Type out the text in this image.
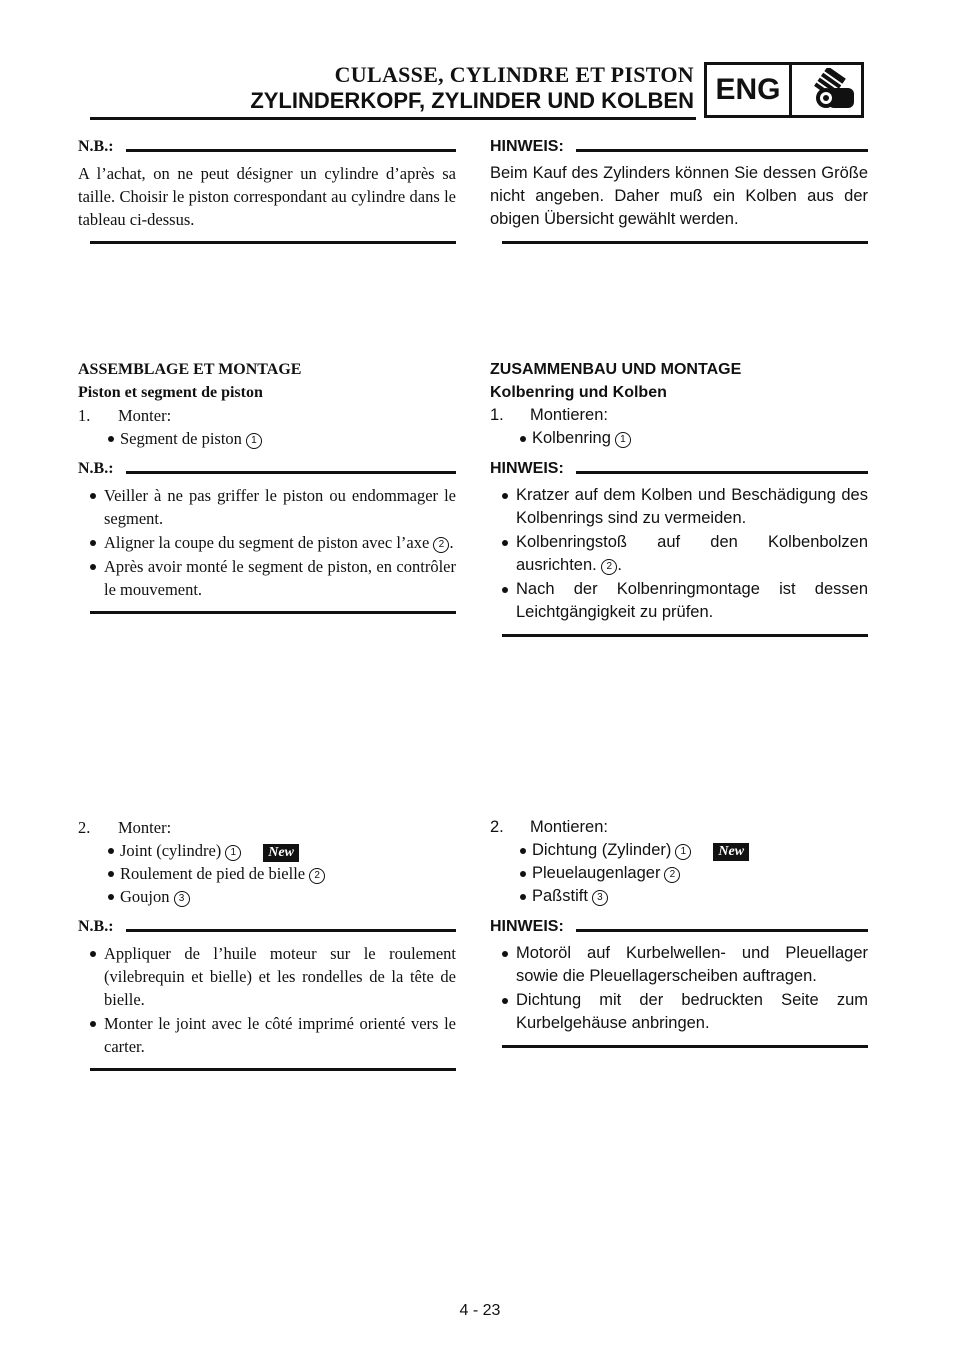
CULASSE, CYLINDRE ET PISTON
ZYLINDERKOPF, ZYLINDER UND KOLBEN ENG
N.B.:
A l’achat, on ne peut désigner un cylindre d’après sa taille. Choisir le piston correspondant au cylindre dans le tableau ci-dessus.
ASSEMBLAGE ET MONTAGE
Piston et segment de piston
1.	Monter:
Segment de piston 1
N.B.:
Veiller à ne pas griffer le piston ou endommager le segment.
Aligner la coupe du segment de piston avec l’axe 2 .
Après avoir monté le segment de piston, en contrôler le mouvement.
2.	Monter:
Joint (cylindre) 1 New
Roulement de pied de bielle 2
Goujon 3
N.B.:
Appliquer de l’huile moteur sur le roulement (vilebrequin et bielle) et les rondelles de la tête de bielle.
Monter le joint avec le côté imprimé orienté vers le carter.
HINWEIS:
Beim Kauf des Zylinders können Sie dessen Größe nicht angeben. Daher muß ein Kolben aus der obigen Übersicht gewählt werden.
ZUSAMMENBAU UND MONTAGE
Kolbenring und Kolben
1.	Montieren:
Kolbenring 1
HINWEIS:
Kratzer auf dem Kolben und Beschädigung des Kolbenrings sind zu vermeiden.
Kolbenringstoß auf den Kolbenbolzen ausrichten. 2 .
Nach der Kolbenringmontage ist dessen Leichtgängigkeit zu prüfen.
2.	Montieren:
Dichtung (Zylinder) 1 New
Pleuelaugenlager 2
Paßstift 3
HINWEIS:
Motoröl auf Kurbelwellen- und Pleuellager sowie die Pleuellagerscheiben auftragen.
Dichtung mit der bedruckten Seite zum Kurbelgehäuse anbringen.
4 - 23
